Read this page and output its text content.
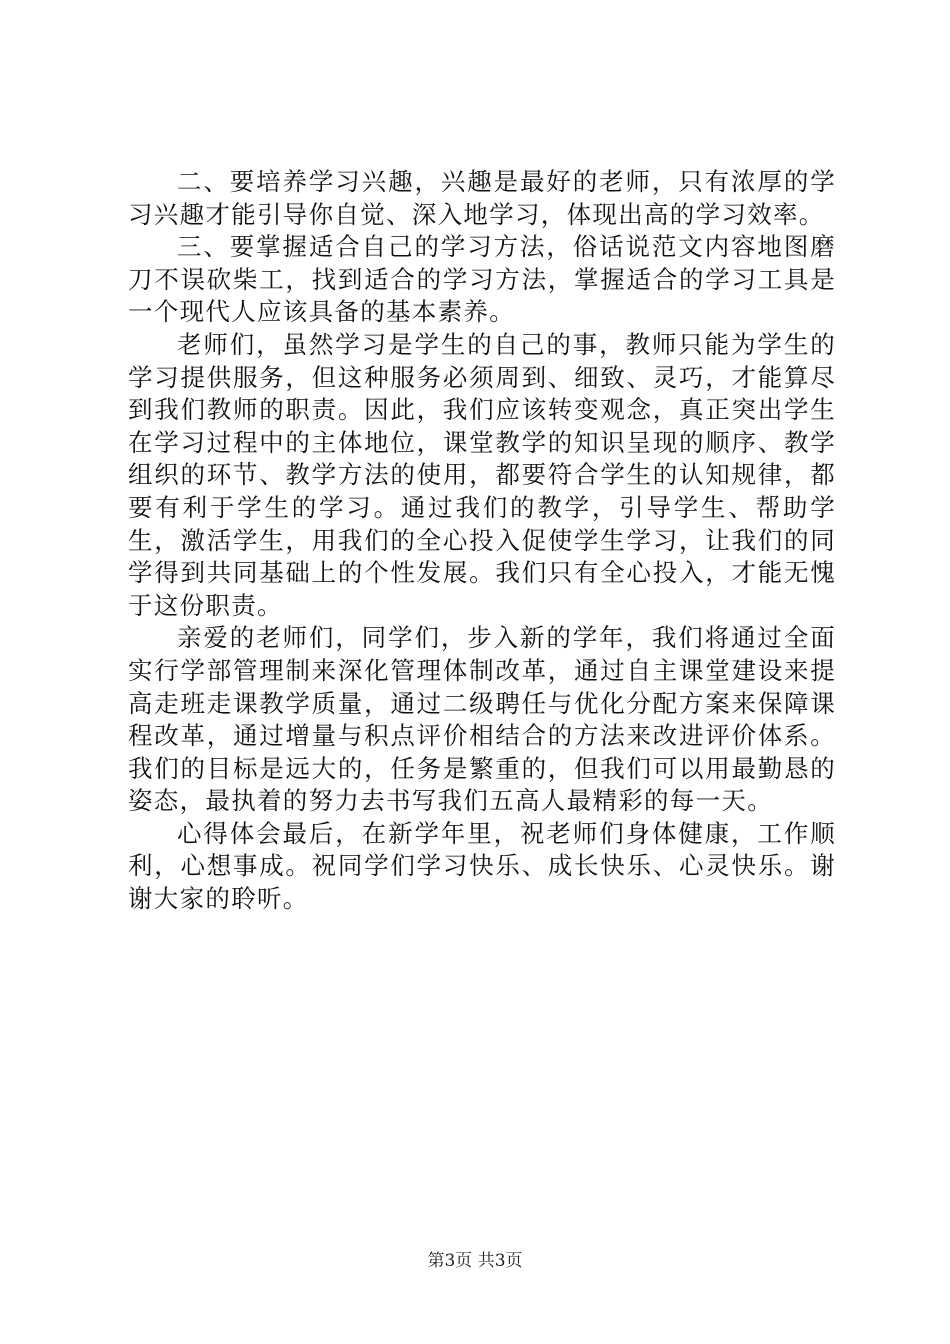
二、要培养学习兴趣，兴趣是最好的老师，只有浓厚的学习兴趣才能引导你自觉、深入地学习，体现出高的学习效率。

三、要掌握适合自己的学习方法，俗话说范文内容地图磨刀不误砍柴工，找到适合的学习方法，掌握适合的学习工具是一个现代人应该具备的基本素养。

老师们，虽然学习是学生的自己的事，教师只能为学生的学习提供服务，但这种服务必须周到、细致、灵巧，才能算尽到我们教师的职责。因此，我们应该转变观念，真正突出学生在学习过程中的主体地位，课堂教学的知识呈现的顺序、教学组织的环节、教学方法的使用，都要符合学生的认知规律，都要有利于学生的学习。通过我们的教学，引导学生、帮助学生，激活学生，用我们的全心投入促使学生学习，让我们的同学得到共同基础上的个性发展。我们只有全心投入，才能无愧于这份职责。

亲爱的老师们，同学们，步入新的学年，我们将通过全面实行学部管理制来深化管理体制改革，通过自主课堂建设来提高走班走课教学质量，通过二级聘任与优化分配方案来保障课程改革，通过增量与积点评价相结合的方法来改进评价体系。我们的目标是远大的，任务是繁重的，但我们可以用最勤恳的姿态，最执着的努力去书写我们五高人最精彩的每一天。

心得体会最后，在新学年里，祝老师们身体健康，工作顺利，心想事成。祝同学们学习快乐、成长快乐、心灵快乐。谢谢大家的聆听。

第3页 共3页
